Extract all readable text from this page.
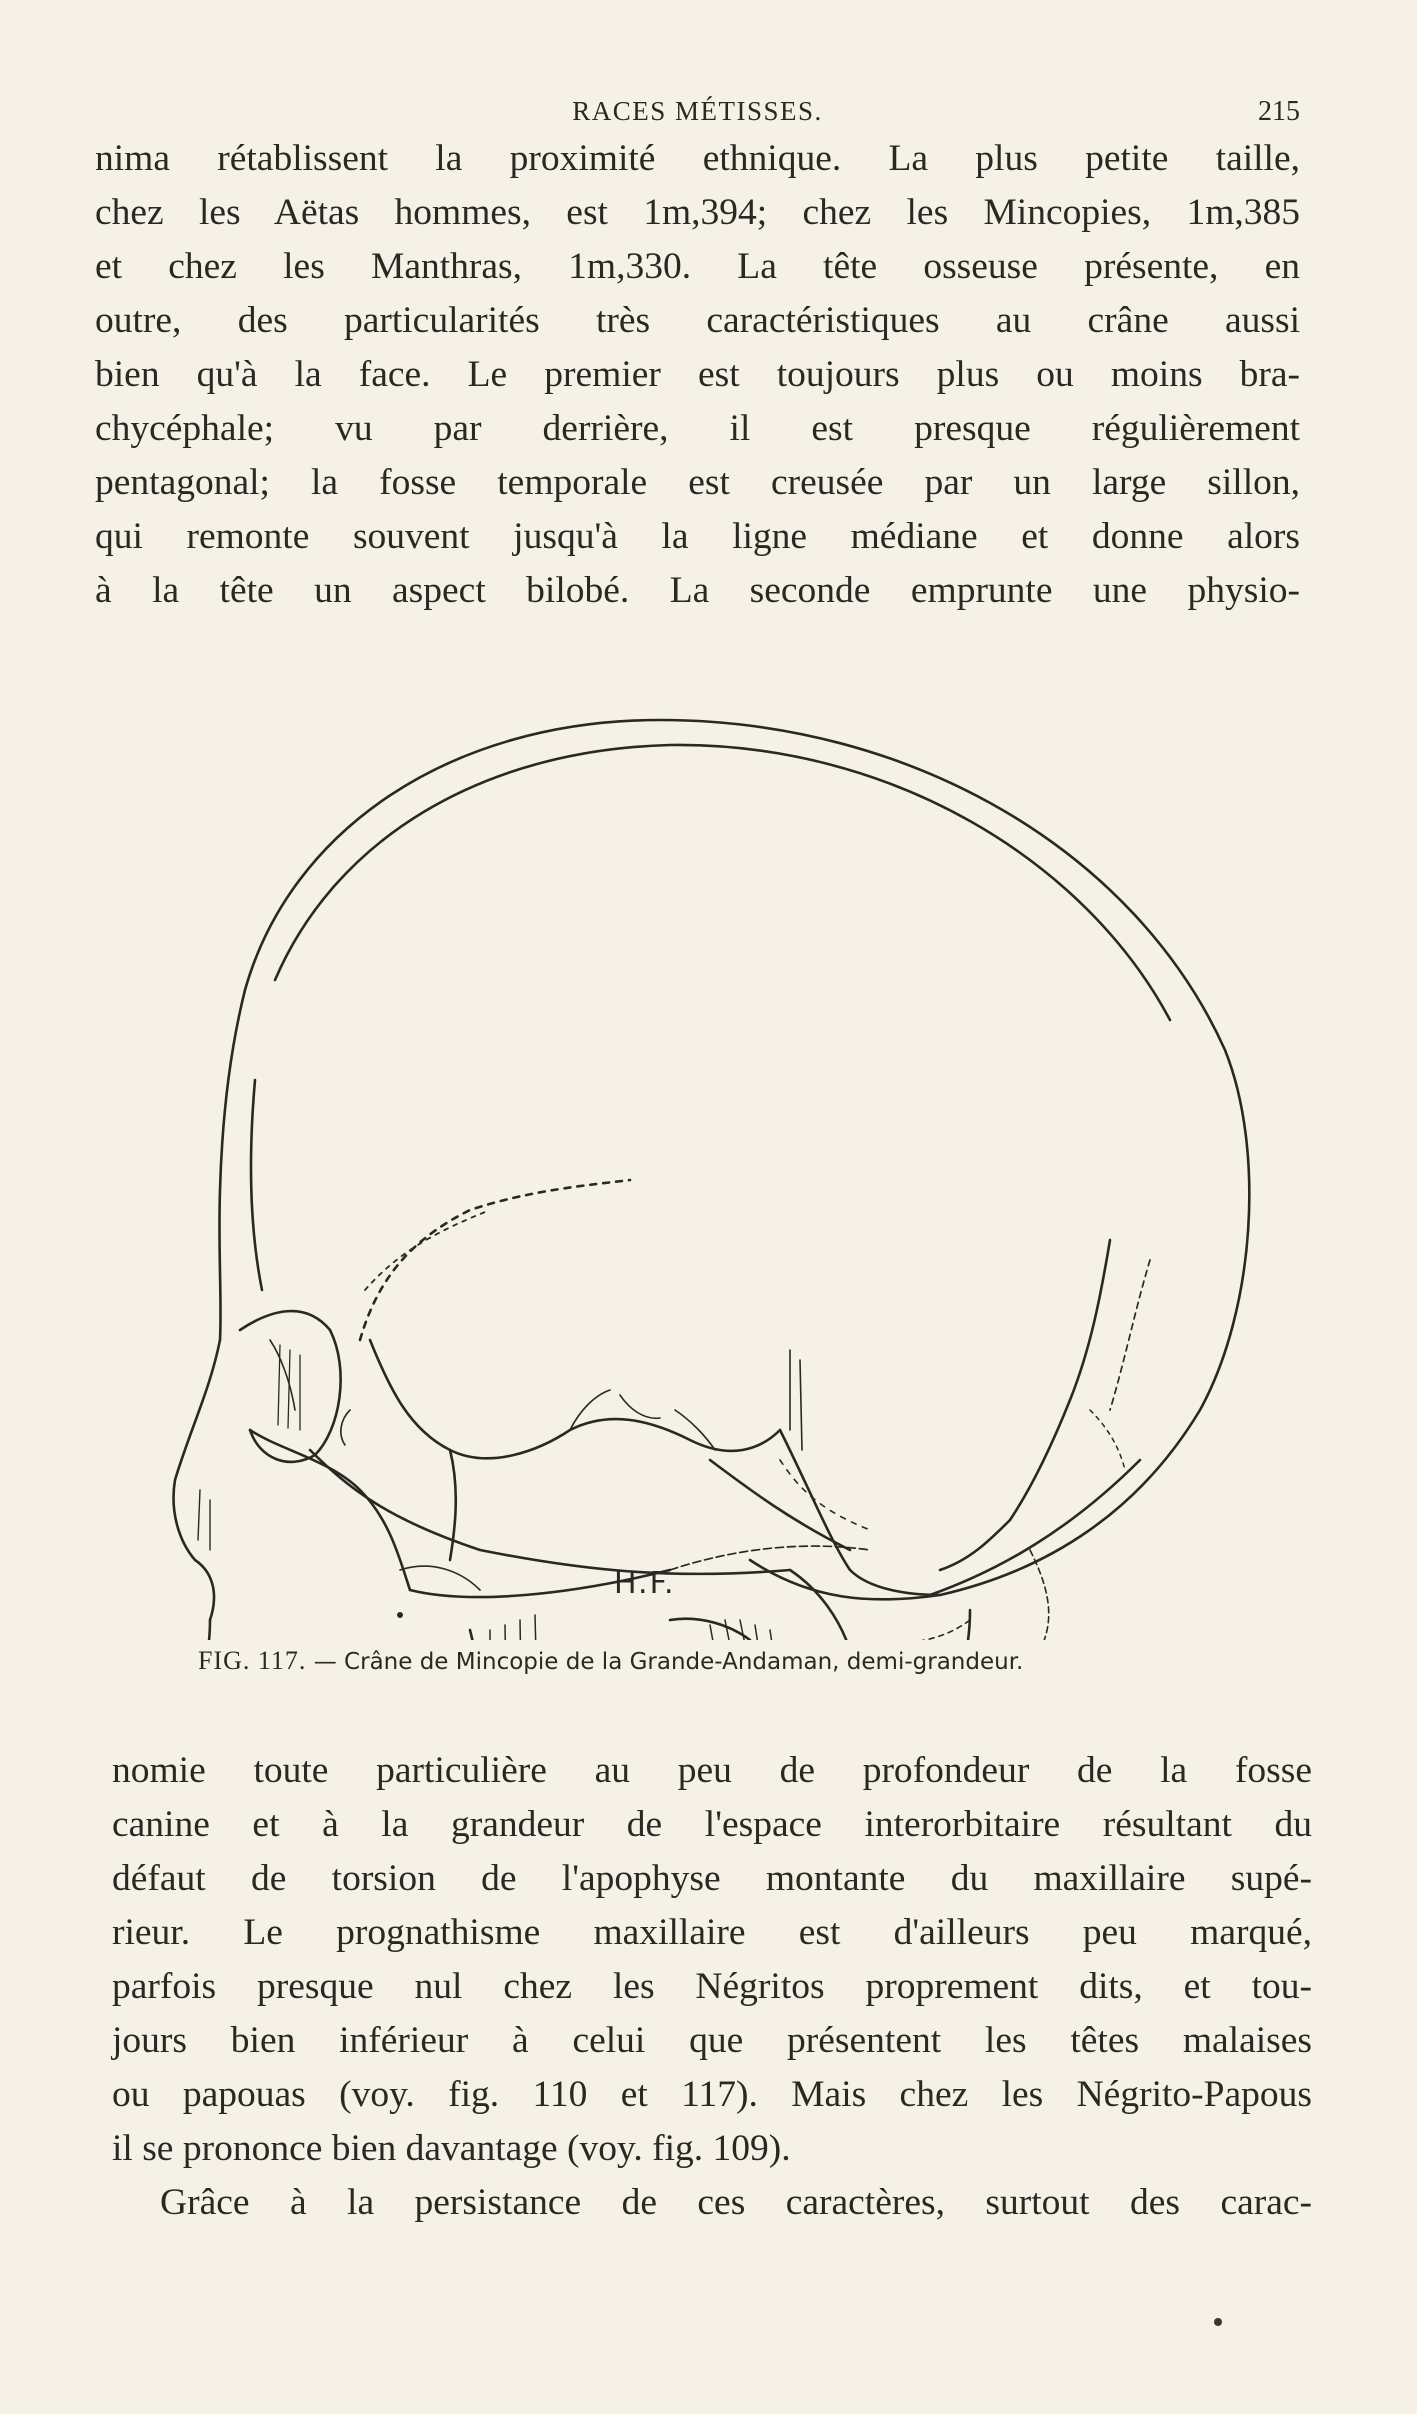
RACES MÉTISSES.	215
nima rétablissent la proximité ethnique. La plus petite taille,
chez les Aëtas hommes, est 1m,394; chez les Mincopies, 1m,385
et chez les Manthras, 1m,330. La tête osseuse présente, en
outre, des particularités très caractéristiques au crâne aussi
bien qu'à la face. Le premier est toujours plus ou moins bra-
chycéphale; vu par derrière, il est presque régulièrement
pentagonal; la fosse temporale est creusée par un large sillon,
qui remonte souvent jusqu'à la ligne médiane et donne alors
à la tête un aspect bilobé. La seconde emprunte une physio-
H.F.
FIG. 117. — Crâne de Mincopie de la Grande-Andaman, demi-grandeur.
nomie toute particulière au peu de profondeur de la fosse
canine et à la grandeur de l'espace interorbitaire résultant du
défaut de torsion de l'apophyse montante du maxillaire supé-
rieur. Le prognathisme maxillaire est d'ailleurs peu marqué,
parfois presque nul chez les Négritos proprement dits, et tou-
jours bien inférieur à celui que présentent les têtes malaises
ou papouas (voy. fig. 110 et 117). Mais chez les Négrito-Papous
il se prononce bien davantage (voy. fig. 109).
Grâce à la persistance de ces caractères, surtout des carac-
